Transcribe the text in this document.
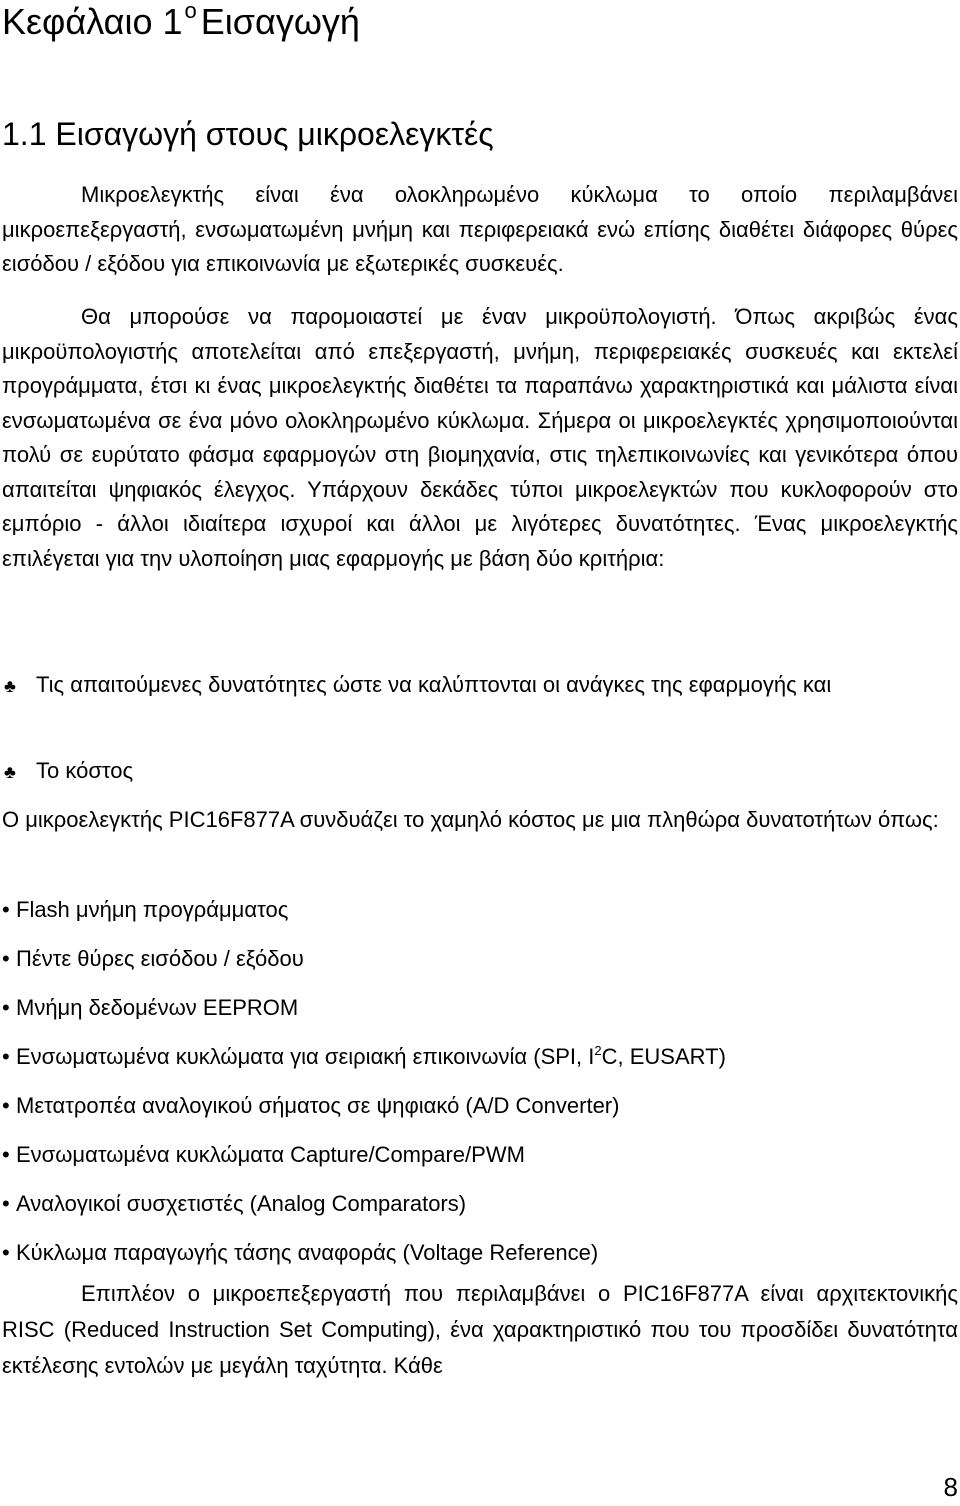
Κεφάλαιο $1^o$ Εισαγωγή
1.1 Εισαγωγή στους μικροελεγκτές

Μικροελεγκτής είναι ένα ολοκληρωμένο κύκλωμα το οποίο περιλαμβάνει μικροεπεξεργαστή, ενσωματωμένη μνήμη και περιφερειακά ενώ επίσης διαθέτει διάφορες θύρες εισόδου / εξόδου για επικοινωνία με εξωτερικές συσκευές.

Θα μπορούσε να παρομοιαστεί με έναν μικροϋπολογιστή. Όπως ακριβώς ένας μικροϋπολογιστής αποτελείται από επεξεργαστή, μνήμη, περιφερειακές συσκευές και εκτελεί προγράμματα, έτσι κι ένας μικροελεγκτής διαθέτει τα παραπάνω χαρακτηριστικά και μάλιστα είναι ενσωματωμένα σε ένα μόνο ολοκληρωμένο κύκλωμα. Σήμερα οι μικροελεγκτές χρησιμοποιούνται πολύ σε ευρύτατο φάσμα εφαρμογών στη βιομηχανία, στις τηλεπικοινωνίες και γενικότερα όπου απαιτείται ψηφιακός έλεγχος. Υπάρχουν δεκάδες τύποι μικροελεγκτών που κυκλοφορούν στο εμπόριο - άλλοι ιδιαίτερα ισχυροί και άλλοι με λιγότερες δυνατότητες. Ένας μικροελεγκτής επιλέγεται για την υλοποίηση μιας εφαρμογής με βάση δύο κριτήρια:

♣ Τις απαιτούμενες δυνατότητες ώστε να καλύπτονται οι ανάγκες της εφαρμογής και

♣ Το κόστος

Ο μικροελεγκτής PIC16F877A συνδυάζει το χαμηλό κόστος με μια πληθώρα δυνατοτήτων όπως:

• Flash μνήμη προγράμματος
• Πέντε θύρες εισόδου / εξόδου
• Μνήμη δεδομένων EEPROM
• Ενσωματωμένα κυκλώματα για σειριακή επικοινωνία (SPI, $I^2C$, EUSART)
• Μετατροπέα αναλογικού σήματος σε ψηφιακό (A/D Converter)
• Ενσωματωμένα κυκλώματα Capture/Compare/PWM
• Αναλογικοί συσχετιστές (Analog Comparators)
• Κύκλωμα παραγωγής τάσης αναφοράς (Voltage Reference)

Επιπλέον ο μικροεπεξεργαστή που περιλαμβάνει ο PIC16F877A είναι αρχιτεκτονικής RISC (Reduced Instruction Set Computing), ένα χαρακτηριστικό που του προσδίδει δυνατότητα εκτέλεσης εντολών με μεγάλη ταχύτητα. Κάθε

8
